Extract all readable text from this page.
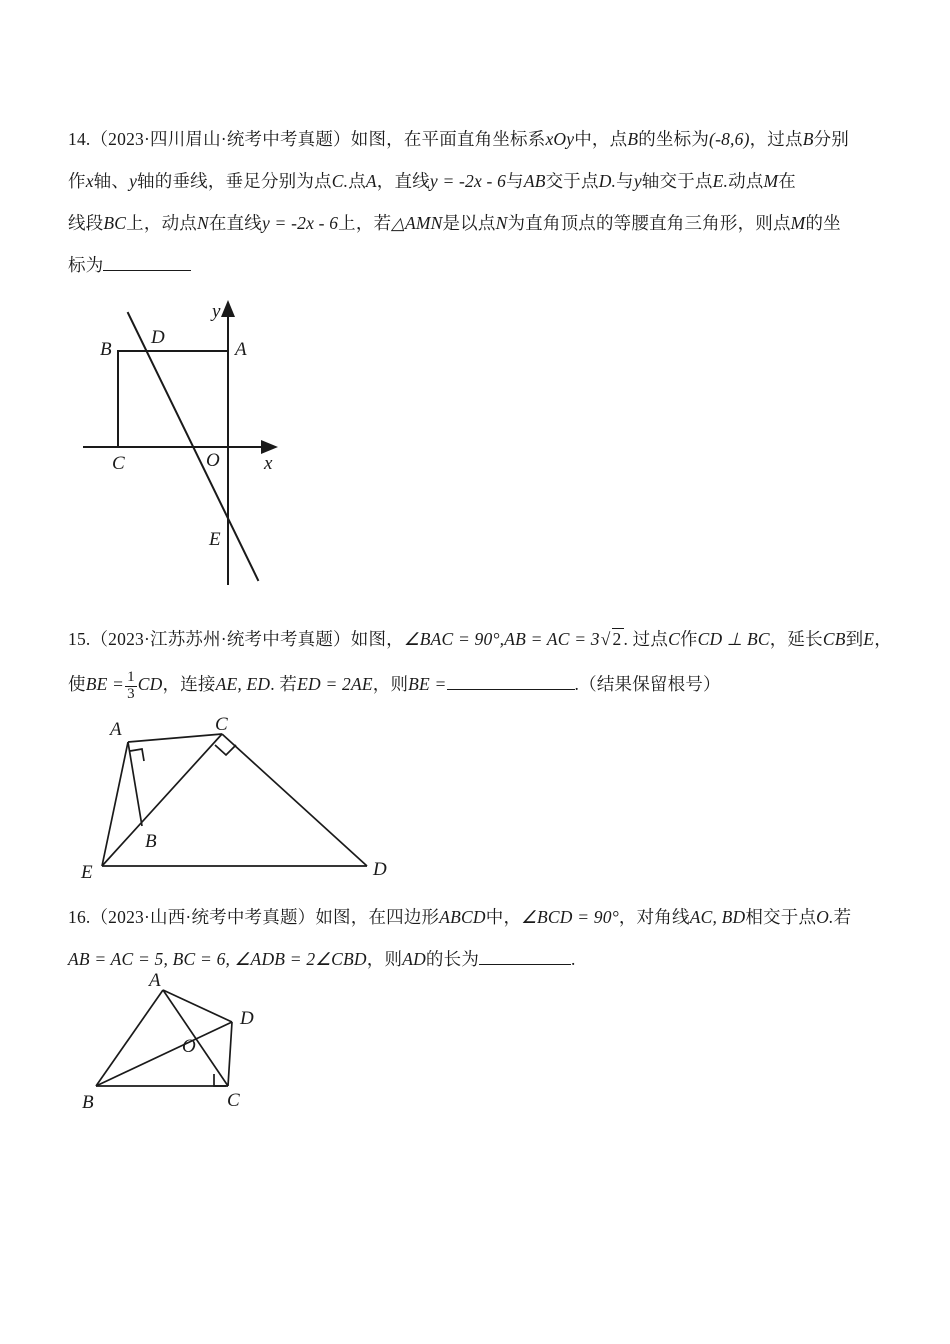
14.（2023·四川眉山·统考中考真题）如图，在平面直角坐标系xOy中，点B的坐标为(-8,6)，过点B分别
作x轴、y轴的垂线，垂足分别为点C.点A，直线y = -2x - 6与AB交于点D.与y轴交于点E.动点M在
线段BC上，动点N在直线y = -2x - 6上，若△AMN是以点N为直角顶点的等腰直角三角形，则点M的坐
标为
B	A
D
C	O x
y
E
15.（2023·江苏苏州·统考中考真题）如图，∠BAC = 90°,AB = AC = 3√ 2 . 过点C作CD ⊥ BC，延长CB到E，
使BE = $\frac{1}{3}$ CD，连接AE, ED. 若ED = 2AE，则BE =	.（结果保留根号）
A	C
B
E	D
16.（2023·山西·统考中考真题）如图，在四边形ABCD中，∠BCD = 90°，对角线AC, BD相交于点O.若
AB = AC = 5, BC = 6, ∠ADB = 2∠CBD，则AD的长为	.
A
D
O
B	C
